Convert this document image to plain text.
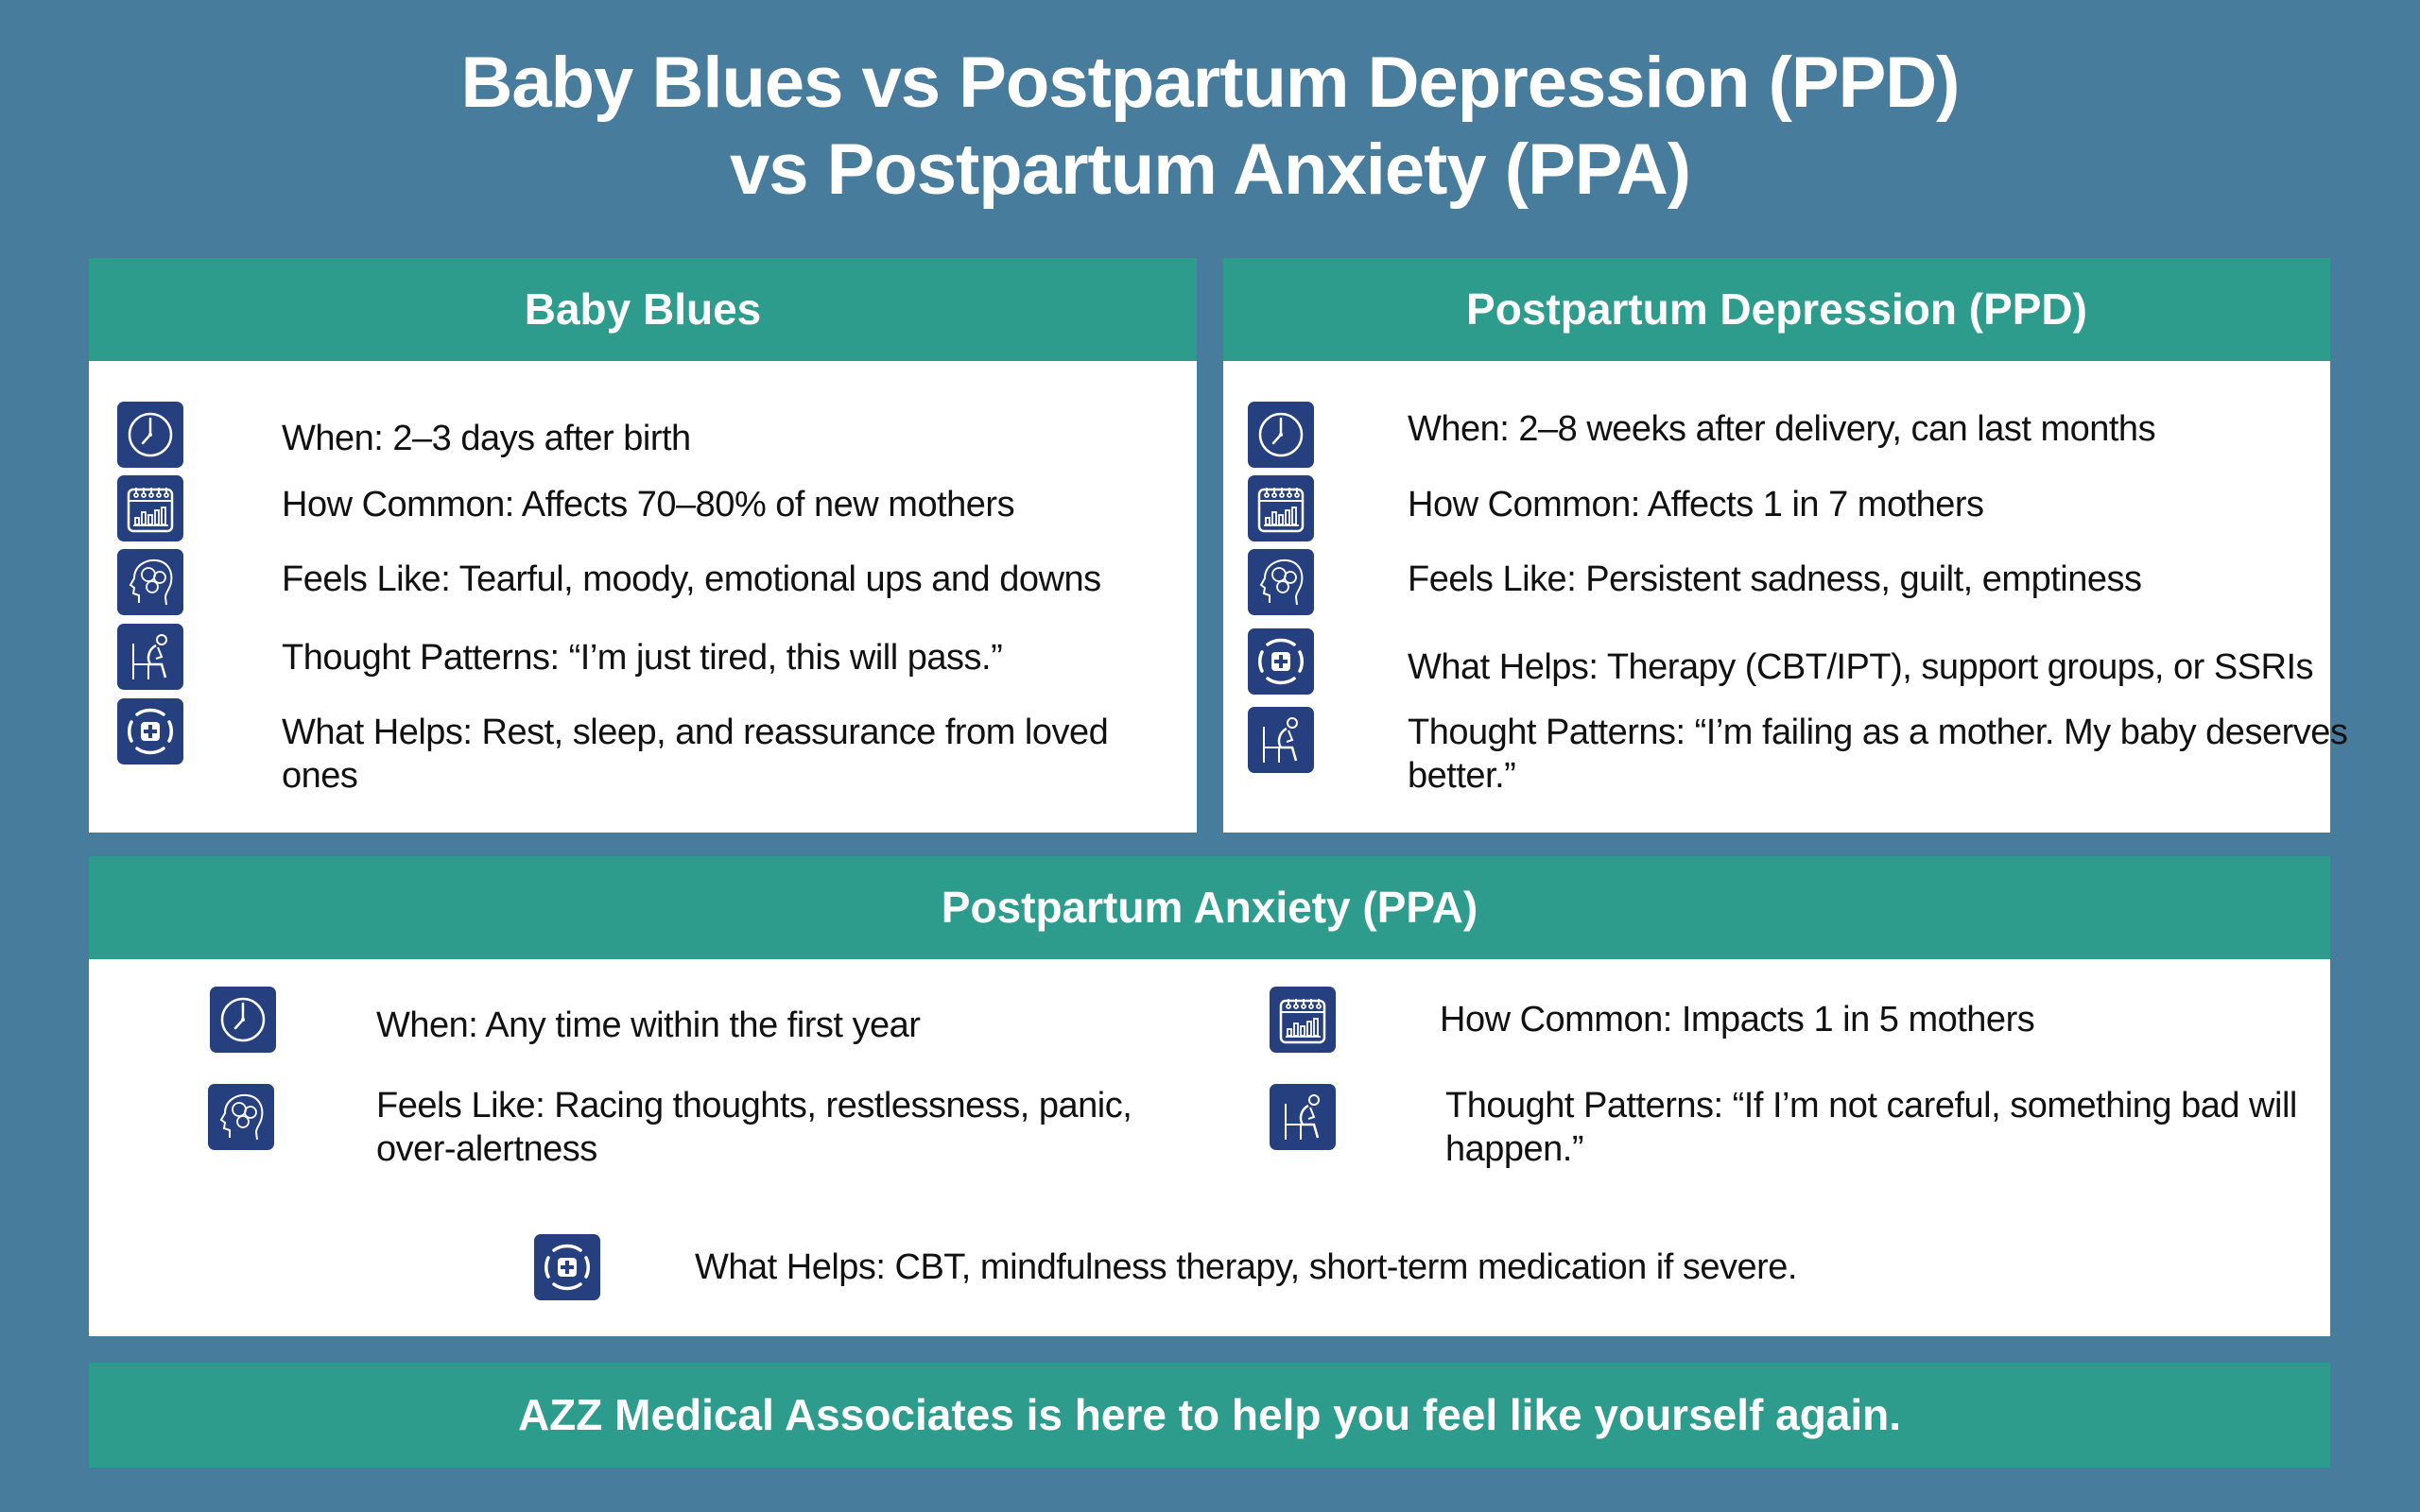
Baby Blues vs Postpartum Depression (PPD)
vs Postpartum Anxiety (PPA)
Baby Blues
When: 2–3 days after birth
How Common: Affects 70–80% of new mothers
Feels Like: Tearful, moody, emotional ups and downs
Thought Patterns: “I’m just tired, this will pass.”
What Helps: Rest, sleep, and reassurance from loved ones
Postpartum Depression (PPD)
When: 2–8 weeks after delivery, can last months
How Common: Affects 1 in 7 mothers
Feels Like: Persistent sadness, guilt, emptiness
What Helps: Therapy (CBT/IPT), support groups, or SSRIs
Thought Patterns: “I’m failing as a mother. My baby deserves better.”
Postpartum Anxiety (PPA)
When: Any time within the first year	How Common: Impacts 1 in 5 mothers
Feels Like: Racing thoughts, restlessness, panic, over-alertness
Thought Patterns: “If I’m not careful, something bad will happen.”
What Helps: CBT, mindfulness therapy, short-term medication if severe.
AZZ Medical Associates is here to help you feel like yourself again.
